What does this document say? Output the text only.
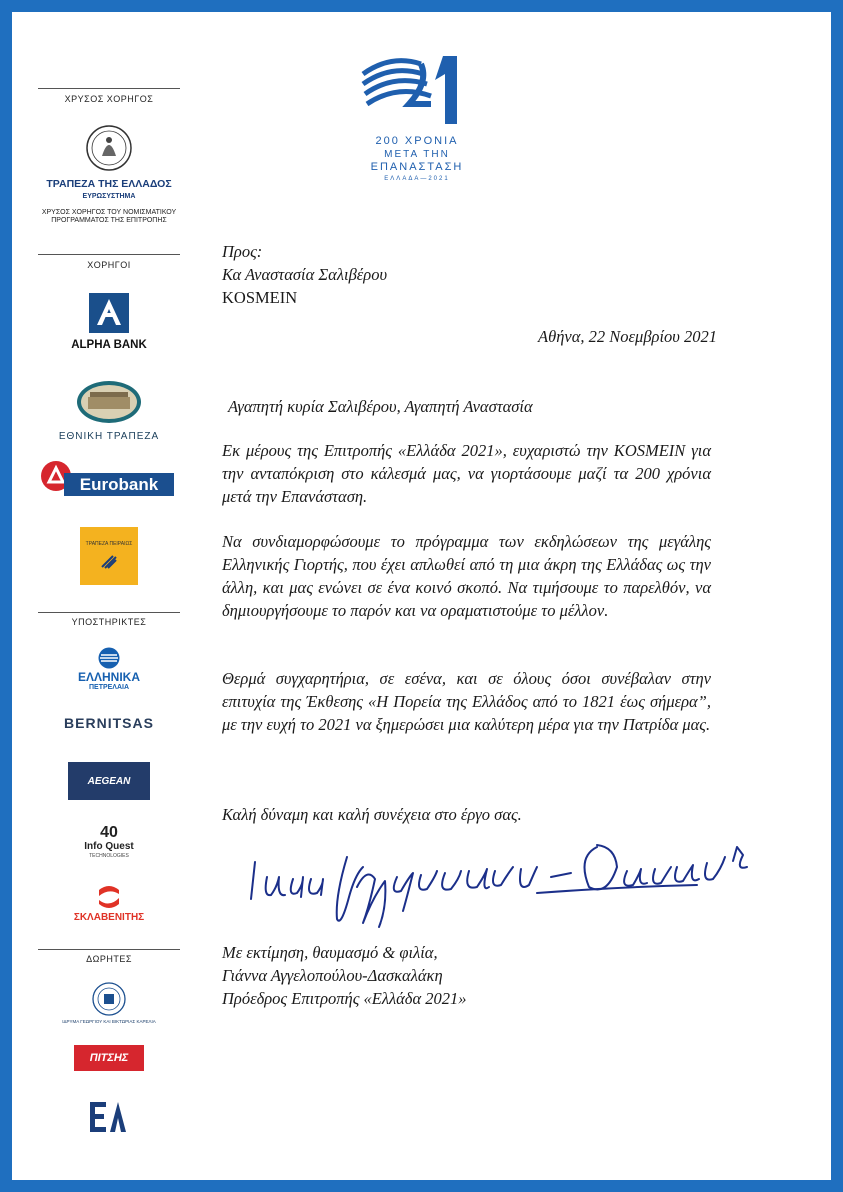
ΧΡΥΣΟΣ ΧΟΡΗΓΟΣ
ΤΡΑΠΕΖΑ ΤΗΣ ΕΛΛΑΔΟΣ
ΕΥΡΩΣΥΣΤΗΜΑ
ΧΡΥΣΟΣ ΧΟΡΗΓΟΣ ΤΟΥ ΝΟΜΙΣΜΑΤΙΚΟΥ
ΠΡΟΓΡΑΜΜΑΤΟΣ ΤΗΣ ΕΠΙΤΡΟΠΗΣ
ΧΟΡΗΓΟΙ
ALPHA BANK
ΕΘΝΙΚΗ ΤΡΑΠΕΖΑ
Eurobank
ΤΡΑΠΕΖΑ ΠΕΙΡΑΙΩΣ
ΥΠΟΣΤΗΡΙΚΤΕΣ
ΕΛΛΗΝΙΚΑ
ΠΕΤΡΕΛΑΙΑ
BERNITSAS
AEGEAN
40
Info Quest
TECHNOLOGIES
ΣΚΛΑΒΕΝΙΤΗΣ
ΔΩΡΗΤΕΣ
ΙΔΡΥΜΑ ΓΕΩΡΓΙΟΥ ΚΑΙ ΒΙΚΤΩΡΙΑΣ ΚΑΡΕΛΙΑ
ΠΙΤΣΗΣ
200 ΧΡΟΝΙΑ
ΜΕΤΑ ΤΗΝ
ΕΠΑΝΑΣΤΑΣΗ
ΕΛΛΑΔΑ—2021
Προς:
Κα Αναστασία Σαλιβέρου
KOSMEIN
Αθήνα, 22 Νοεμβρίου 2021
Αγαπητή κυρία Σαλιβέρου, Αγαπητή Αναστασία
Εκ μέρους της Επιτροπής «Ελλάδα 2021», ευχαριστώ την KOSMEIN για την ανταπόκριση στο κάλεσμά μας, να γιορτάσουμε μαζί τα 200 χρόνια μετά την Επανάσταση.
Να συνδιαμορφώσουμε το πρόγραμμα των εκδηλώσεων της μεγάλης Ελληνικής Γιορτής, που έχει απλωθεί από τη μια άκρη της Ελλάδας ως την άλλη, και μας ενώνει σε ένα κοινό σκοπό. Να τιμήσουμε το παρελθόν, να δημιουργήσουμε το παρόν και να οραματιστούμε το μέλλον.
Θερμά συγχαρητήρια, σε εσένα, και σε όλους όσοι συνέβαλαν στην επιτυχία της Έκθεσης «Η Πορεία της Ελλάδος από το 1821 έως σήμερα”, με την ευχή το 2021 να ξημερώσει μια καλύτερη μέρα για την Πατρίδα μας.
Καλή δύναμη και καλή συνέχεια στο έργο σας.
Με εκτίμηση, θαυμασμό & φιλία,
Γιάννα Αγγελοπούλου-Δασκαλάκη
Πρόεδρος Επιτροπής «Ελλάδα 2021»
